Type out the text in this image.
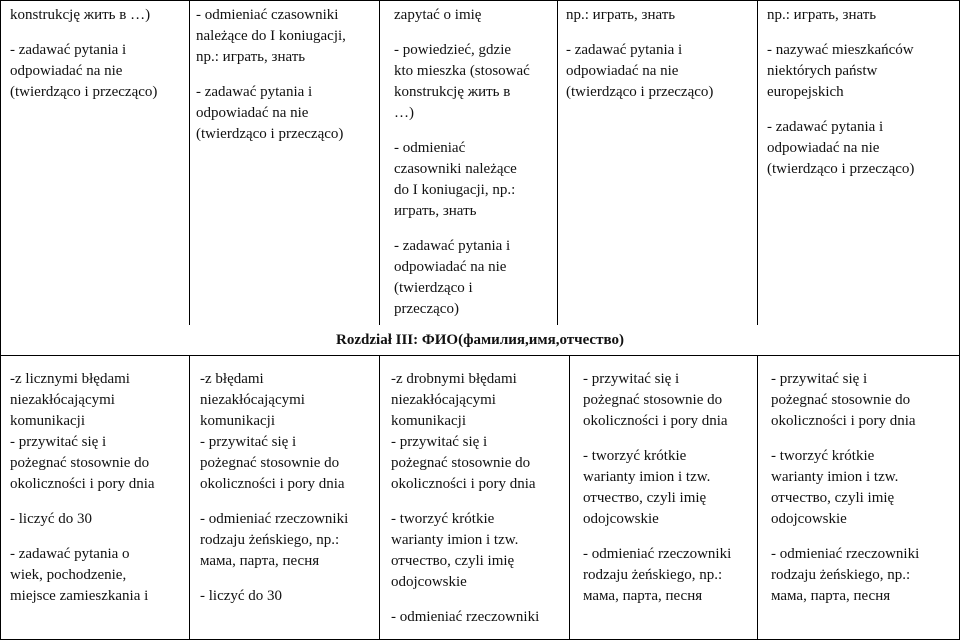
konstrukcję жить в …)
- zadawać pytania i
odpowiadać na nie
(twierdząco i przecząco)
- odmieniać czasowniki
należące do I koniugacji,
np.: играть, знать
- zadawać pytania i
odpowiadać na nie
(twierdząco i przecząco)
zapytać o imię
- powiedzieć, gdzie
kto mieszka (stosować
konstrukcję жить в
…)
- odmieniać
czasowniki należące
do I koniugacji, np.:
играть, знать
- zadawać pytania i
odpowiadać na nie
(twierdząco i
przecząco)
np.: играть, знать
- zadawać pytania i
odpowiadać na nie
(twierdząco i przecząco)
np.: играть, знать
- nazywać mieszkańców
niektórych państw
europejskich
- zadawać pytania i
odpowiadać na nie
(twierdząco i przecząco)
Rozdział III: ФИО(фамилия,имя,отчество)
-z licznymi błędami
niezakłócającymi
komunikacji
- przywitać się i
pożegnać stosownie do
okoliczności i pory dnia
- liczyć do 30
- zadawać pytania o
wiek, pochodzenie,
miejsce zamieszkania i
-z błędami
niezakłócającymi
komunikacji
- przywitać się i
pożegnać stosownie do
okoliczności i pory dnia
- odmieniać rzeczowniki
rodzaju żeńskiego, np.:
мама, парта, песня
- liczyć do 30
-z drobnymi błędami
niezakłócającymi
komunikacji
- przywitać się i
pożegnać stosownie do
okoliczności i pory dnia
- tworzyć krótkie
warianty imion i tzw.
отчество, czyli imię
odojcowskie
- odmieniać rzeczowniki
- przywitać się i
pożegnać stosownie do
okoliczności i pory dnia
- tworzyć krótkie
warianty imion i tzw.
отчество, czyli imię
odojcowskie
- odmieniać rzeczowniki
rodzaju żeńskiego, np.:
мама, парта, песня
- przywitać się i
pożegnać stosownie do
okoliczności i pory dnia
- tworzyć krótkie
warianty imion i tzw.
отчество, czyli imię
odojcowskie
- odmieniać rzeczowniki
rodzaju żeńskiego, np.:
мама, парта, песня
